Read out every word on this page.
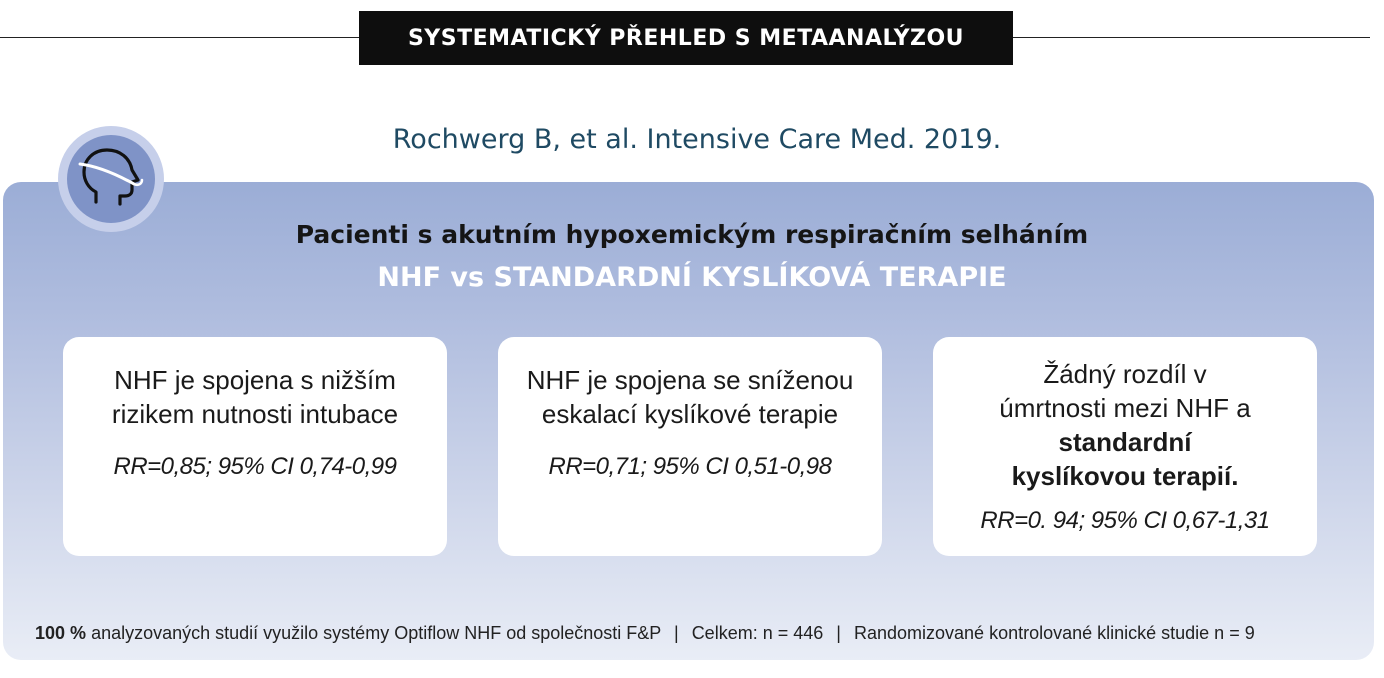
SYSTEMATICKÝ PŘEHLED S METAANALÝZOU
Rochwerg B, et al. Intensive Care Med. 2019.
Pacienti s akutním hypoxemickým respiračním selháním
NHF vs STANDARDNÍ KYSLÍKOVÁ TERAPIE
NHF je spojena s nižším
rizikem nutnosti intubace
RR=0,85; 95% CI 0,74-0,99
NHF je spojena se sníženou
eskalací kyslíkové terapie
RR=0,71; 95% CI 0,51-0,98
Žádný rozdíl v
úmrtnosti mezi NHF a
standardní
kyslíkovou terapií.
RR=0. 94; 95% CI 0,67-1,31
100 % analyzovaných studií využilo systémy Optiflow NHF od společnosti F&P | Celkem: n = 446 | Randomizované kontrolované klinické studie n = 9
